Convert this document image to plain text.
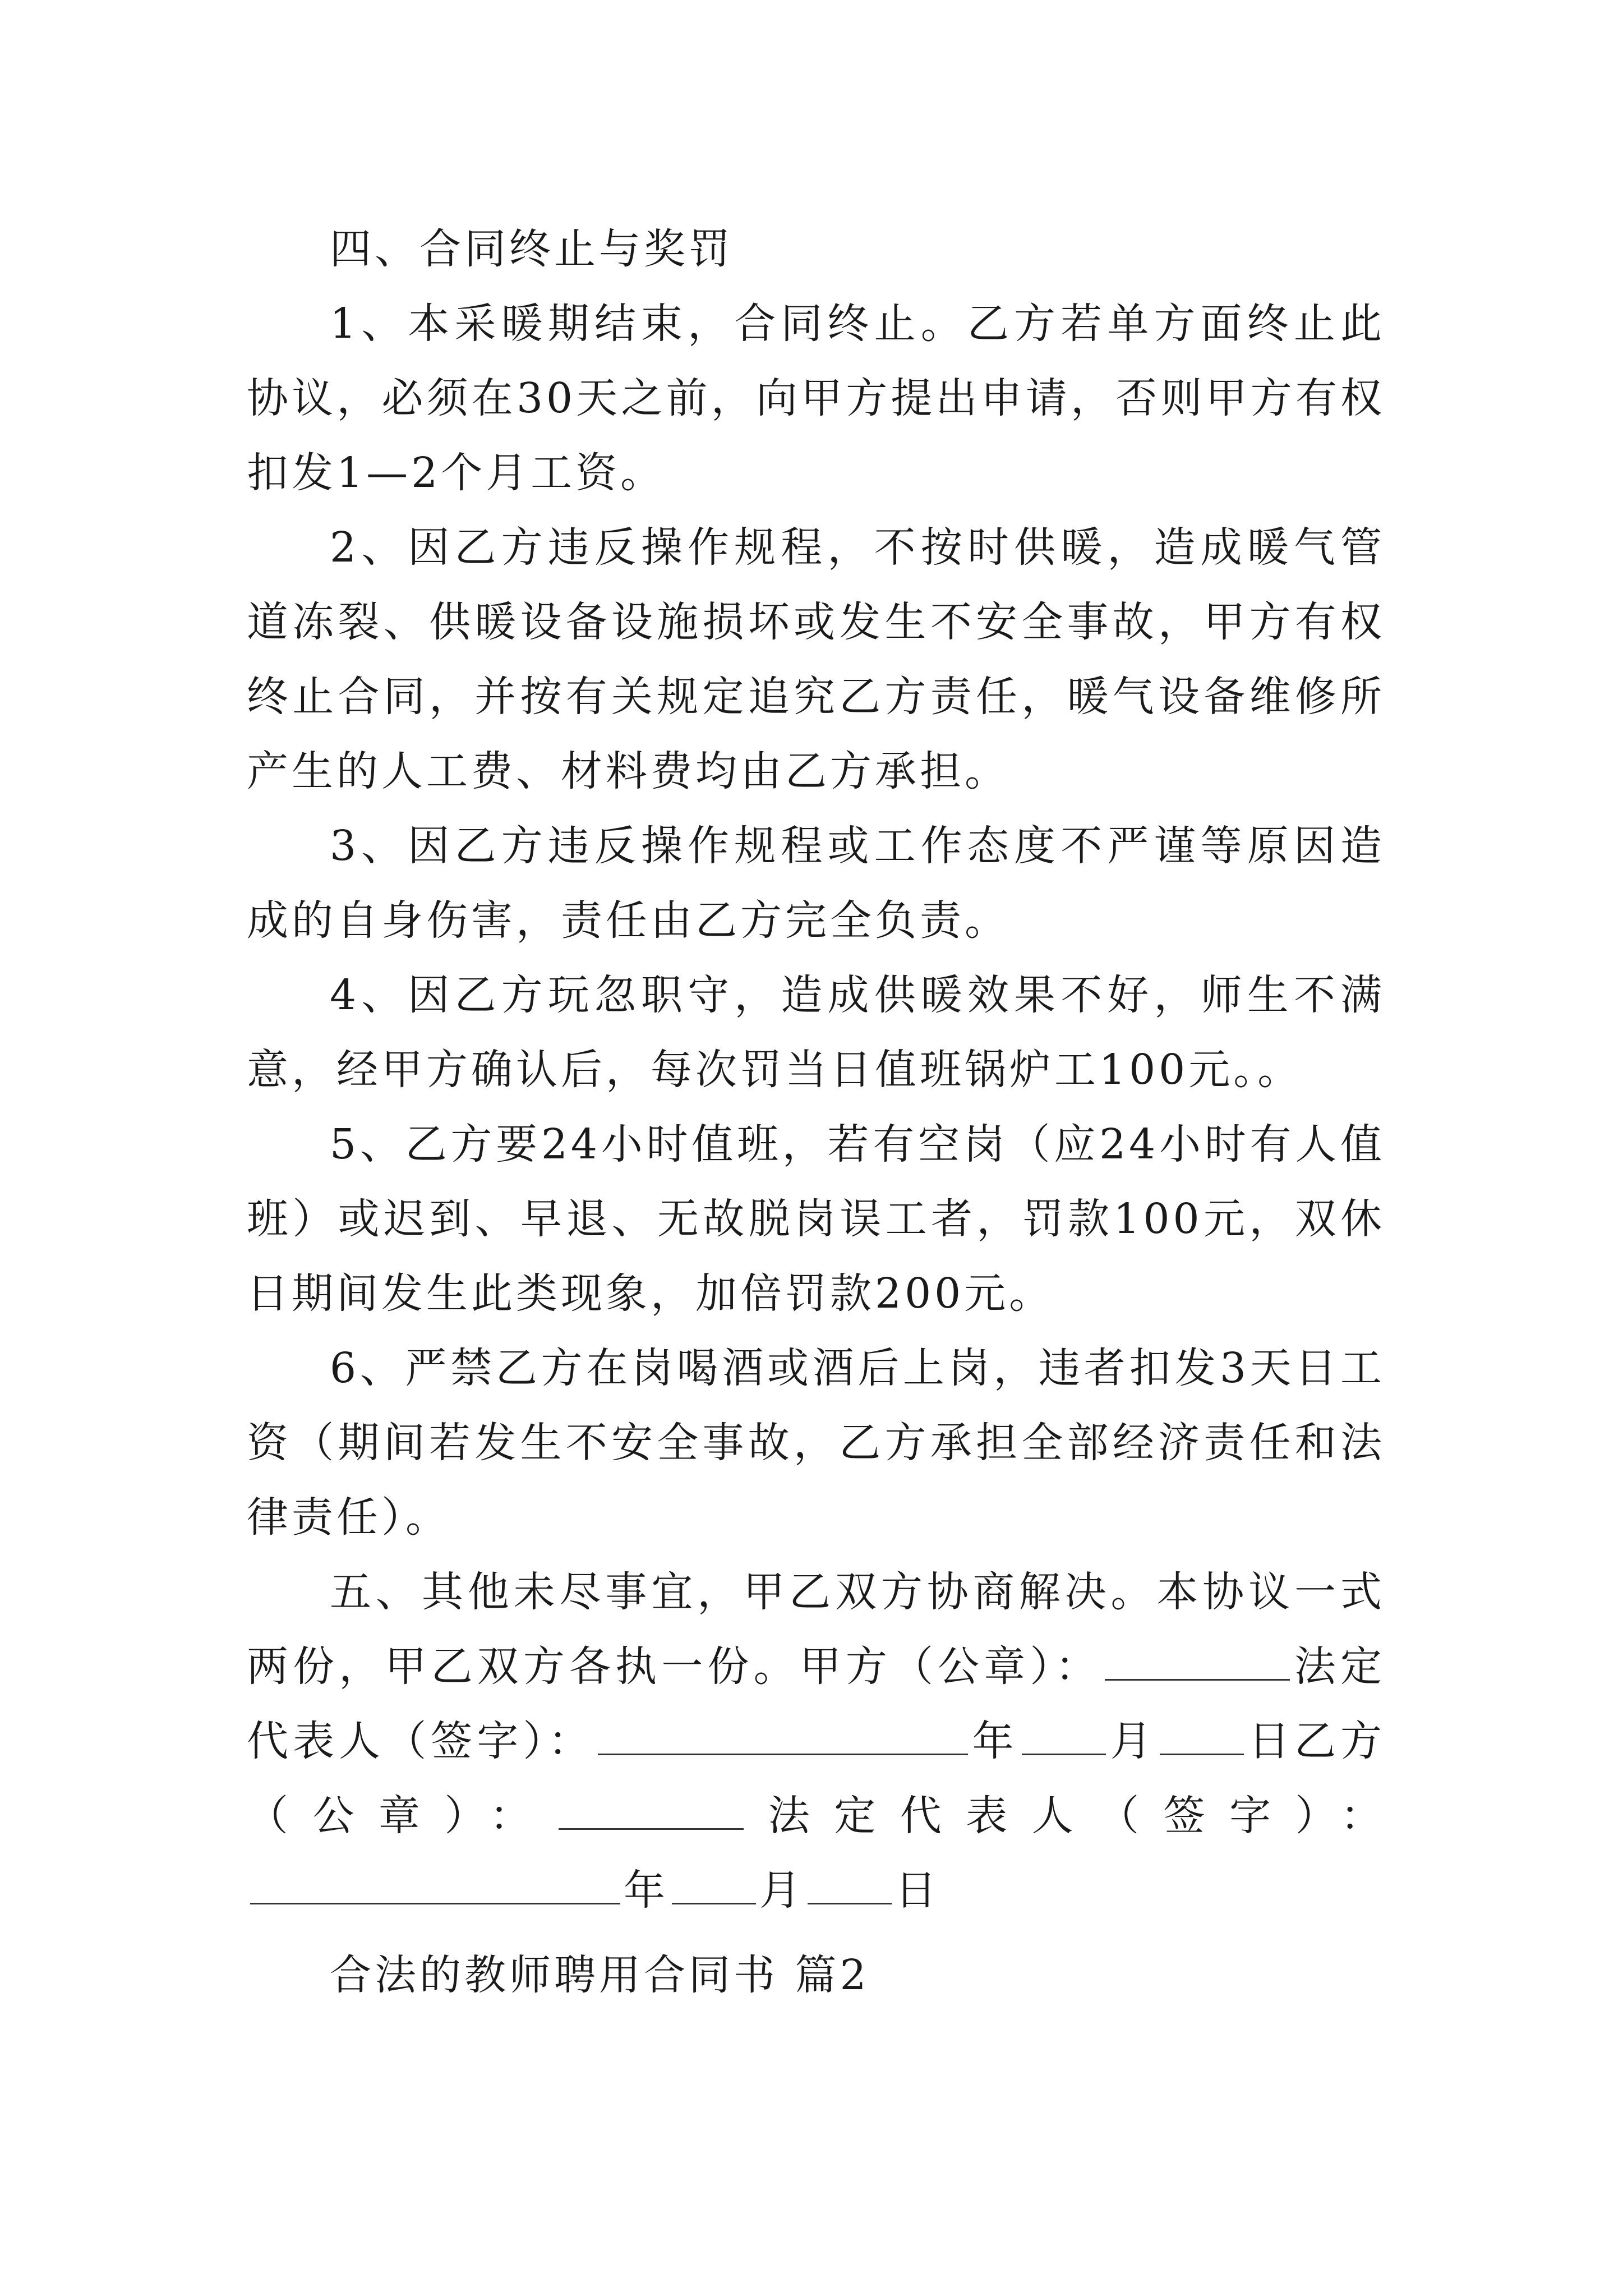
四、合同终止与奖罚

1、本采暖期结束，合同终止。乙方若单方面终止此协议，必须在30天之前，向甲方提出申请，否则甲方有权扣发1—2个月工资。

2、因乙方违反操作规程，不按时供暖，造成暖气管道冻裂、供暖设备设施损坏或发生不安全事故，甲方有权终止合同，并按有关规定追究乙方责任，暖气设备维修所产生的人工费、材料费均由乙方承担。

3、因乙方违反操作规程或工作态度不严谨等原因造成的自身伤害，责任由乙方完全负责。

4、因乙方玩忽职守，造成供暖效果不好，师生不满意，经甲方确认后，每次罚当日值班锅炉工100元。。

5、乙方要24小时值班，若有空岗（应24小时有人值班）或迟到、早退、无故脱岗误工者，罚款100元，双休日期间发生此类现象，加倍罚款200元。

6、严禁乙方在岗喝酒或酒后上岗，违者扣发3天日工资（期间若发生不安全事故，乙方承担全部经济责任和法律责任）。

五、其他未尽事宜，甲乙双方协商解决。本协议一式两份，甲乙双方各执一份。甲方（公章）：	法定代表人（签字）：	年 月 日乙方（公章）：	法定代表人（签字）：年 月 日

合法的教师聘用合同书 篇2
